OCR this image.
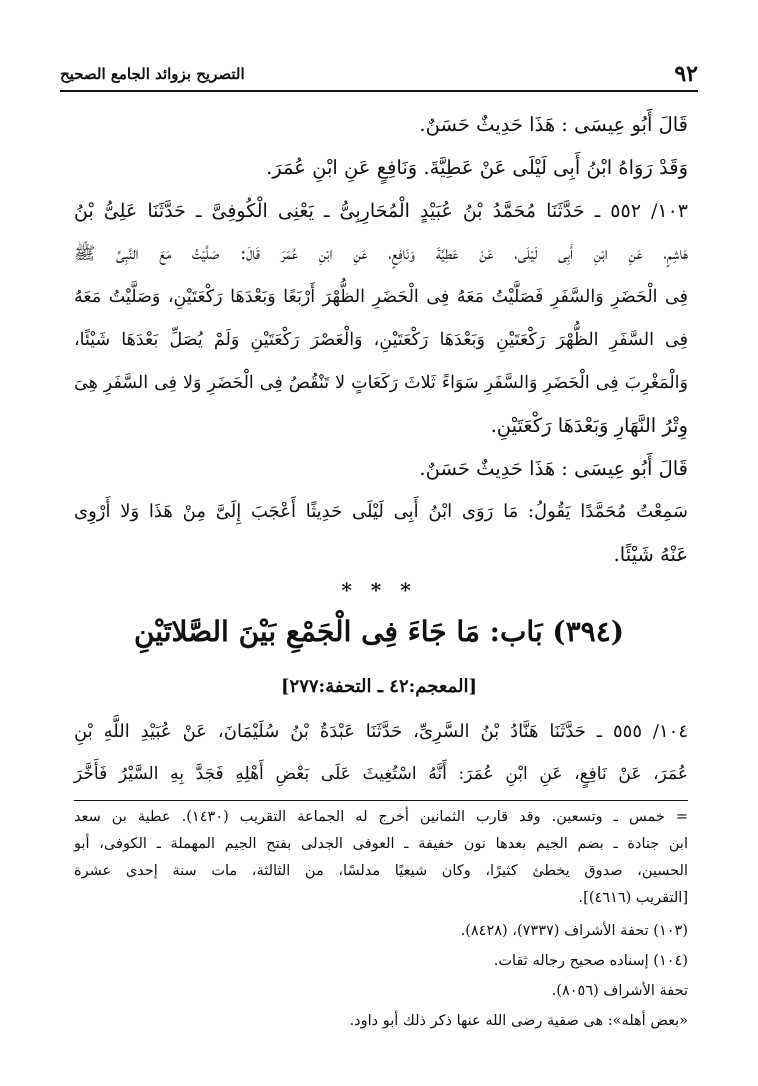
٩٢
التصريح بزوائد الجامع الصحيح
قَالَ أَبُو عِيسَى : هَذَا حَدِيثٌ حَسَنٌ.
وَقَدْ رَوَاهُ ابْنُ أَبِى لَيْلَى عَنْ عَطِيَّةَ. وَنَافِعٍ عَنِ ابْنِ عُمَرَ.
١٠٣/ ٥٥٢ ـ حَدَّثَنَا مُحَمَّدُ بْنُ عُبَيْدٍ الْمُحَارِبِىُّ ـ يَعْنِى الْكُوفِىَّ ـ حَدَّثَنَا عَلِىُّ بْنُ
هَاشِمٍ، عَنِ ابْنِ أَبِى لَيْلَى، عَنْ عَطِيَّةَ وَنَافِعٍ، عَنِ ابْنِ عُمَرَ قَالَ: صَلَّيْتُ مَعَ النَّبِىِّ ﷺ
فِى الْحَضَرِ وَالسَّفَرِ فَصَلَّيْتُ مَعَهُ فِى الْحَضَرِ الظُّهْرَ أَرْبَعًا وَبَعْدَهَا رَكْعَتَيْنِ، وَصَلَّيْتُ مَعَهُ
فِى السَّفَرِ الظُّهْرَ رَكْعَتَيْنِ وَبَعْدَهَا رَكْعَتَيْنِ، وَالْعَصْرَ رَكْعَتَيْنِ وَلَمْ يُصَلِّ بَعْدَهَا شَيْئًا،
وَالْمَغْرِبَ فِى الْحَضَرِ وَالسَّفَرِ سَوَاءً ثَلاثَ رَكَعَاتٍ لا تَنْقُصُ فِى الْحَضَرِ وَلا فِى السَّفَرِ هِىَ
وِتْرُ النَّهَارِ وَبَعْدَهَا رَكْعَتَيْنِ.
قَالَ أَبُو عِيسَى : هَذَا حَدِيثٌ حَسَنٌ.
سَمِعْتُ مُحَمَّدًا يَقُولُ: مَا رَوَى ابْنُ أَبِى لَيْلَى حَدِيثًا أَعْجَبَ إِلَىَّ مِنْ هَذَا وَلا أَرْوِى
عَنْهُ شَيْئًا.
* * *
(٣٩٤) بَاب: مَا جَاءَ فِى الْجَمْعِ بَيْنَ الصَّلاتَيْنِ
[المعجم:٤٢ ـ التحفة:٢٧٧]
١٠٤/ ٥٥٥ ـ حَدَّثَنَا هَنَّادُ بْنُ السَّرِىِّ، حَدَّثَنَا عَبْدَةُ بْنُ سُلَيْمَانَ، عَنْ عُبَيْدِ اللَّهِ بْنِ
عُمَرَ، عَنْ نَافِعٍ، عَنِ ابْنِ عُمَرَ: أَنَّهُ اسْتُغِيثَ عَلَى بَعْضِ أَهْلِهِ فَجَدَّ بِهِ السَّيْرُ فَأَخَّرَ
= خمس ـ وتسعين. وقد قارب الثمانين أخرج له الجماعة التقريب (١٤٣٠). عطية بن سعد
ابن جنادة ـ بضم الجيم بعدها نون خفيفة ـ العوفى الجدلى بفتح الجيم المهملة ـ الكوفى، أبو
الحسين، صدوق يخطئ كثيرًا، وكان شيعيًا مدلسًا، من الثالثة، مات سنة إحدى عشرة
[التقريب (٤٦١٦)].
(١٠٣) تحفة الأشراف (٧٣٣٧)، (٨٤٢٨).
(١٠٤) إسناده صحيح رجاله ثقات.
تحفة الأشراف (٨٠٥٦).
«بعض أهله»: هى صفية رضى الله عنها ذكر ذلك أبو داود.
